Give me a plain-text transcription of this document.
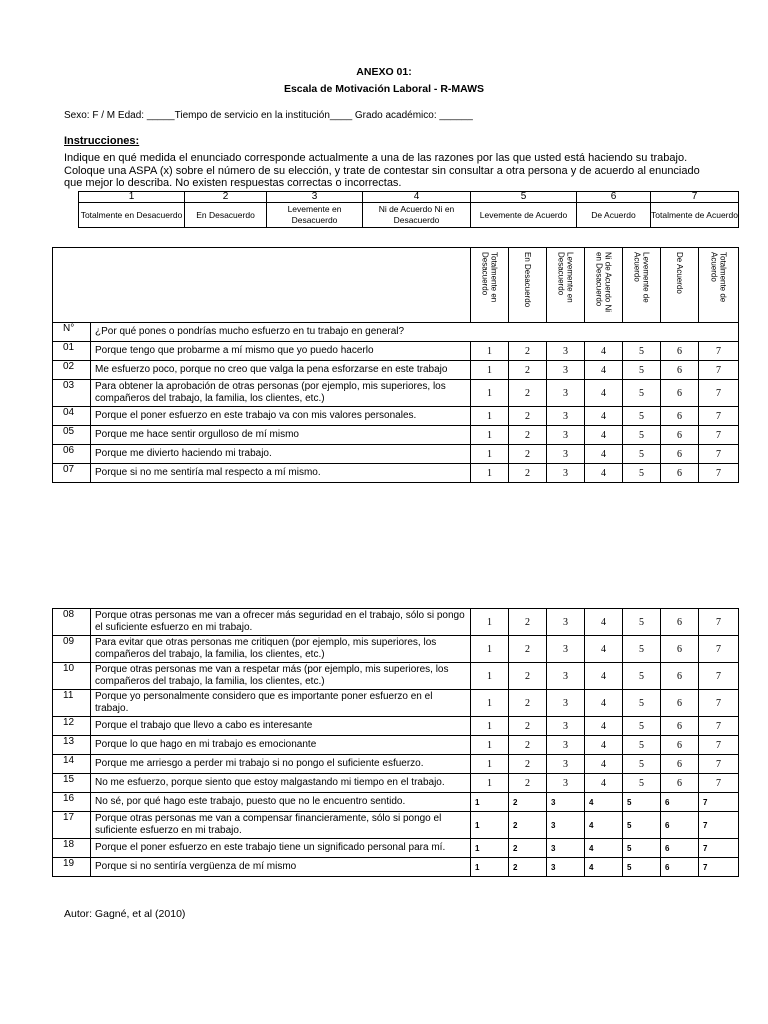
ANEXO 01:
Escala de Motivación Laboral - R-MAWS
Sexo: F / M Edad: _____Tiempo de servicio en la institución____ Grado académico: ______
Instrucciones:
Indique en qué medida el enunciado corresponde actualmente a una de las razones por las que usted está haciendo su trabajo.
Coloque una ASPA (x) sobre el número de su elección, y trate de contestar sin consultar a otra persona y de acuerdo al enunciado
que mejor lo describa. No existen respuestas correctas o incorrectas.
1	2	3	4	5	6	7
Totalmente en Desacuerdo	En Desacuerdo	Levemente en Desacuerdo	Ni de Acuerdo Ni en Desacuerdo	Levemente de Acuerdo	De Acuerdo	Totalmente de Acuerdo

		Totalmente en Desacuerdo	En Desacuerdo	Levemente en Desacuerdo	Ni de Acuerdo Ni en Desacuerdo	Levemente de Acuerdo	De Acuerdo	Totalmente de Acuerdo

N°	¿Por qué pones o pondrías mucho esfuerzo en tu trabajo en general?							
01	Porque tengo que probarme a mí mismo que yo puedo hacerlo	1	2	3	4	5	6	7
02	Me esfuerzo poco, porque no creo que valga la pena esforzarse en este trabajo	1	2	3	4	5	6	7
03	Para obtener la aprobación de otras personas (por ejemplo, mis superiores, los compañeros del trabajo, la familia, los clientes, etc.)	1	2	3	4	5	6	7
04	Porque el poner esfuerzo en este trabajo va con mis valores personales.	1	2	3	4	5	6	7
05	Porque me hace sentir orgulloso de mí mismo	1	2	3	4	5	6	7
06	Porque me divierto haciendo mi trabajo.	1	2	3	4	5	6	7
07	Porque si no me sentiría mal respecto a mí mismo.	1	2	3	4	5	6	7
08	Porque otras personas me van a ofrecer más seguridad en el trabajo, sólo si pongo el suficiente esfuerzo en mi trabajo.	1	2	3	4	5	6	7
09	Para evitar que otras personas me critiquen (por ejemplo, mis superiores, los compañeros del trabajo, la familia, los clientes, etc.)	1	2	3	4	5	6	7
10	Porque otras personas me van a respetar más (por ejemplo, mis superiores, los compañeros del trabajo, la familia, los clientes, etc.)	1	2	3	4	5	6	7
11	Porque yo personalmente considero que es importante poner esfuerzo en el trabajo.	1	2	3	4	5	6	7
12	Porque el trabajo que llevo a cabo es interesante	1	2	3	4	5	6	7
13	Porque lo que hago en mi trabajo es emocionante	1	2	3	4	5	6	7
14	Porque me arriesgo a perder mi trabajo si no pongo el suficiente esfuerzo.	1	2	3	4	5	6	7
15	No me esfuerzo, porque siento que estoy malgastando mi tiempo en el trabajo.	1	2	3	4	5	6	7
16	No sé, por qué hago este trabajo, puesto que no le encuentro sentido.	1	2	3	4	5	6	7
17	Porque otras personas me van a compensar financieramente, sólo si pongo el suficiente esfuerzo en mi trabajo.	1	2	3	4	5	6	7
18	Porque el poner esfuerzo en este trabajo tiene un significado personal para mí.	1	2	3	4	5	6	7
19	Porque si no sentiría vergüenza de mí mismo	1	2	3	4	5	6	7
Autor: Gagné, et al (2010)
